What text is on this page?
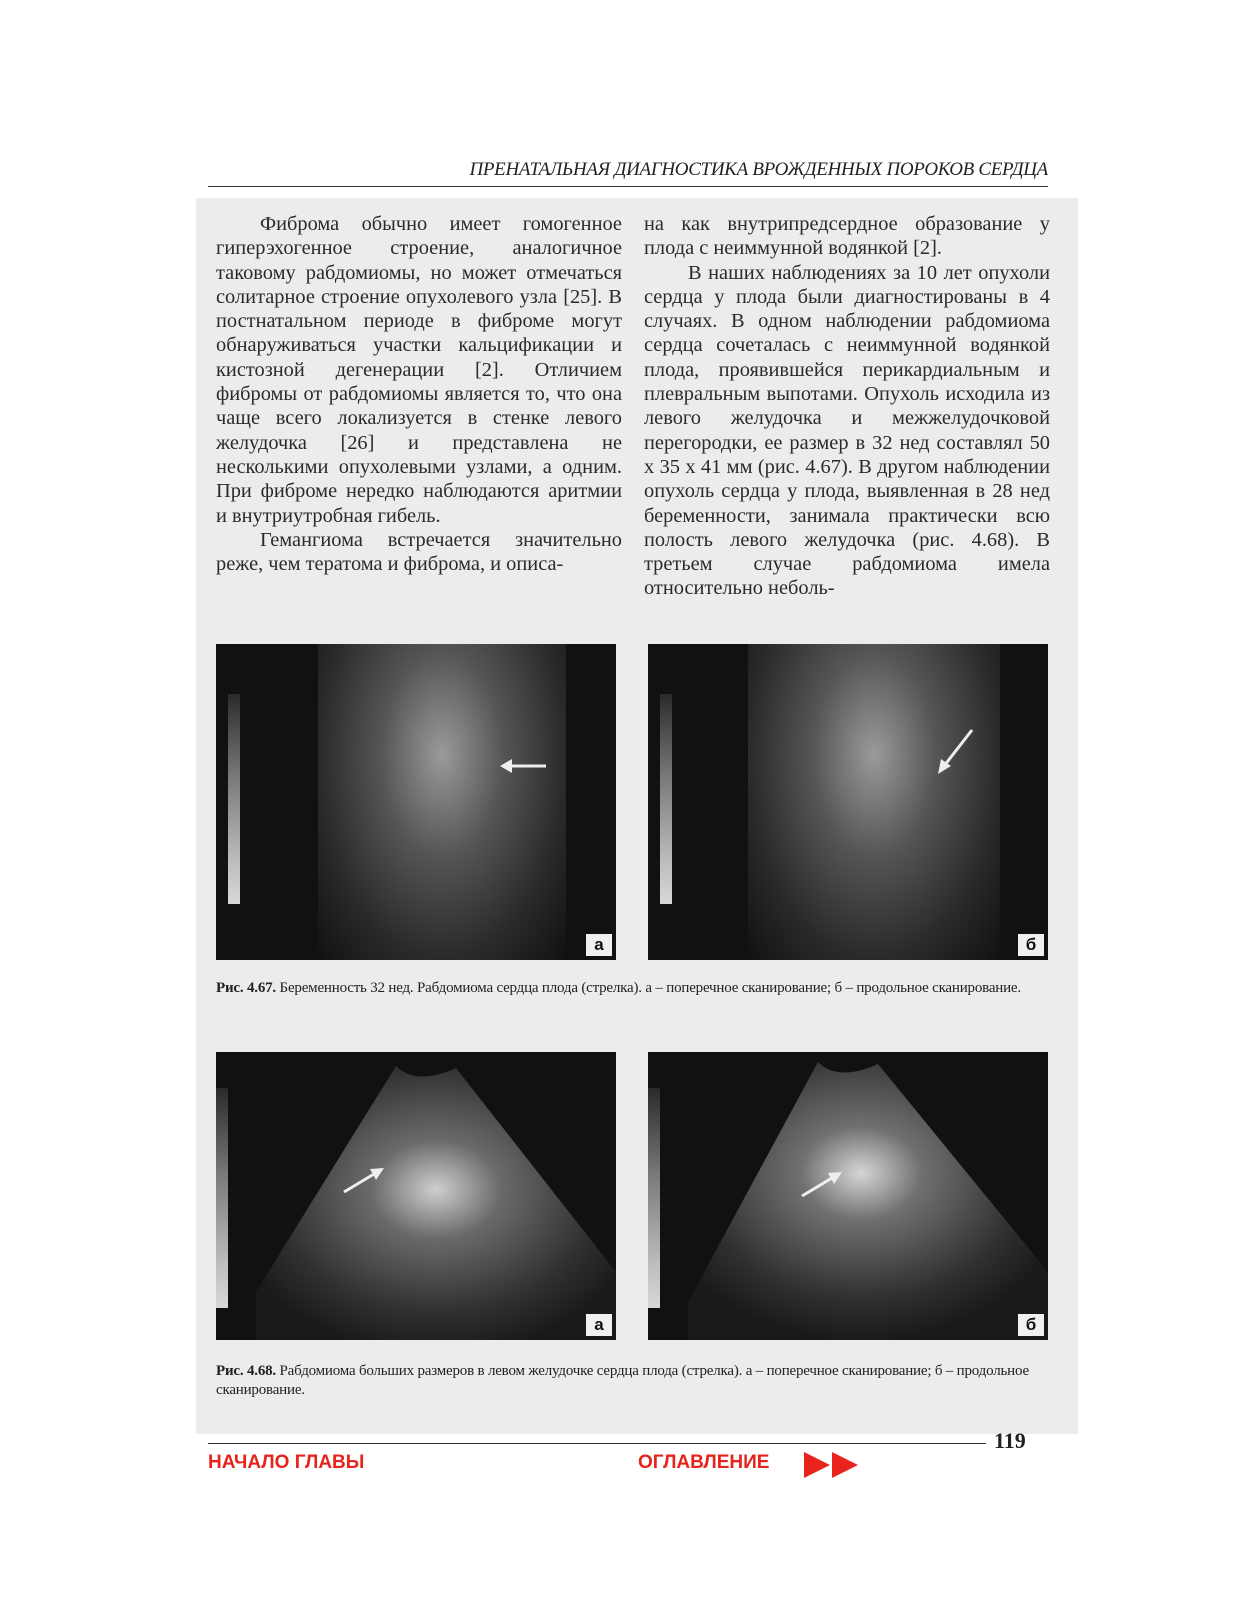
ПРЕНАТАЛЬНАЯ ДИАГНОСТИКА ВРОЖДЕННЫХ ПОРОКОВ СЕРДЦА

Фиброма обычно имеет гомогенное гиперэхогенное строение, аналогичное таковому рабдомиомы, но может отмечаться солитарное строение опухолевого узла [25]. В постнатальном периоде в фиброме могут обнаруживаться участки кальцификации и кистозной дегенерации [2]. Отличием фибромы от рабдомиомы является то, что она чаще всего локализуется в стенке левого желудочка [26] и представлена не несколькими опухолевыми узлами, а одним. При фиброме нередко наблюдаются аритмии и внутриутробная гибель.

Гемангиома встречается значительно реже, чем тератома и фиброма, и описа-

на как внутрипредсердное образование у плода с неиммунной водянкой [2].

В наших наблюдениях за 10 лет опухоли сердца у плода были диагностированы в 4 случаях. В одном наблюдении рабдомиома сердца сочеталась с неиммунной водянкой плода, проявившейся перикардиальным и плевральным выпотами. Опухоль исходила из левого желудочка и межжелудочковой перегородки, ее размер в 32 нед составлял 50 x 35 x 41 мм (рис. 4.67). В другом наблюдении опухоль сердца у плода, выявленная в 28 нед беременности, занимала практически всю полость левого желудочка (рис. 4.68). В третьем случае рабдомиома имела относительно неболь-

а	б
Рис. 4.67. Беременность 32 нед. Рабдомиома сердца плода (стрелка). а – поперечное сканирование; б – продольное сканирование.
а	б
Рис. 4.68. Рабдомиома больших размеров в левом желудочке сердца плода (стрелка). а – поперечное сканирование; б – продольное сканирование.
119
НАЧАЛО ГЛАВЫ	ОГЛАВЛЕНИЕ
